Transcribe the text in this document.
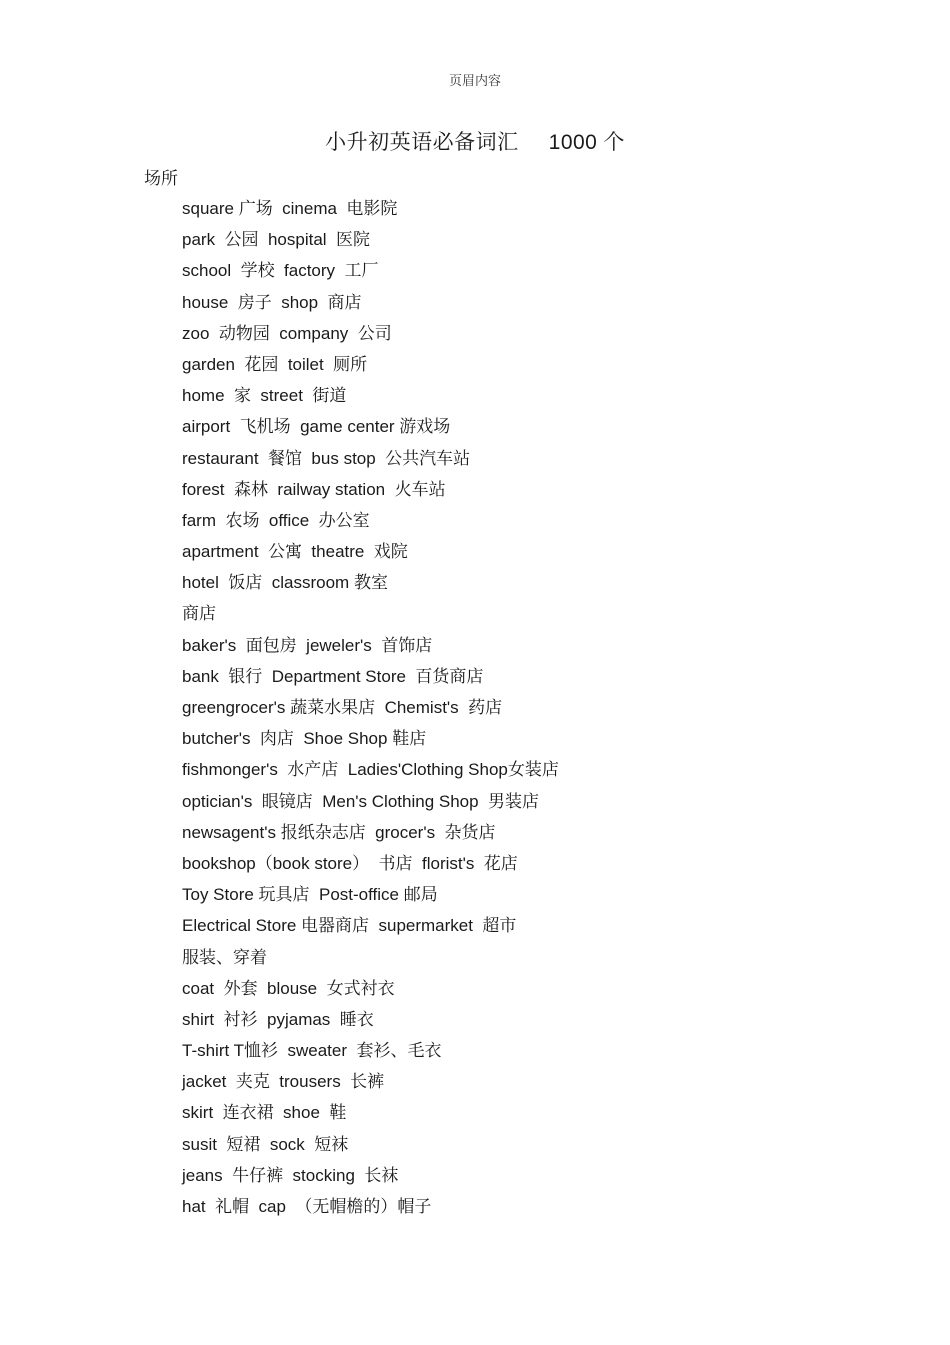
页眉内容
小升初英语必备词汇 1000 个
场所
square 广场  cinema  电影院
park  公园  hospital  医院
school  学校  factory  工厂
house  房子  shop  商店
zoo  动物园  company  公司
garden  花园  toilet  厕所
home  家  street  街道
airport  飞机场  game center 游戏场
restaurant  餐馆  bus stop  公共汽车站
forest  森林  railway station  火车站
farm  农场  office  办公室
apartment  公寓  theatre  戏院
hotel  饭店  classroom 教室
商店
baker's  面包房  jeweler's  首饰店
bank  银行  Department Store  百货商店
greengrocer's 蔬菜水果店  Chemist's  药店
butcher's  肉店  Shoe Shop 鞋店
fishmonger's  水产店  Ladies'Clothing Shop女装店
optician's  眼镜店  Men's Clothing Shop  男装店
newsagent's 报纸杂志店  grocer's  杂货店
bookshop（book store）  书店  florist's  花店
Toy Store 玩具店  Post-office 邮局
Electrical Store 电器商店  supermarket  超市
服装、穿着
coat  外套  blouse  女式衬衣
shirt  衬衫  pyjamas  睡衣
T-shirt T恤衫  sweater  套衫、毛衣
jacket  夹克  trousers  长裤
skirt  连衣裙  shoe  鞋
susit  短裙  sock  短袜
jeans  牛仔裤  stocking  长袜
hat  礼帽  cap  （无帽檐的）帽子
